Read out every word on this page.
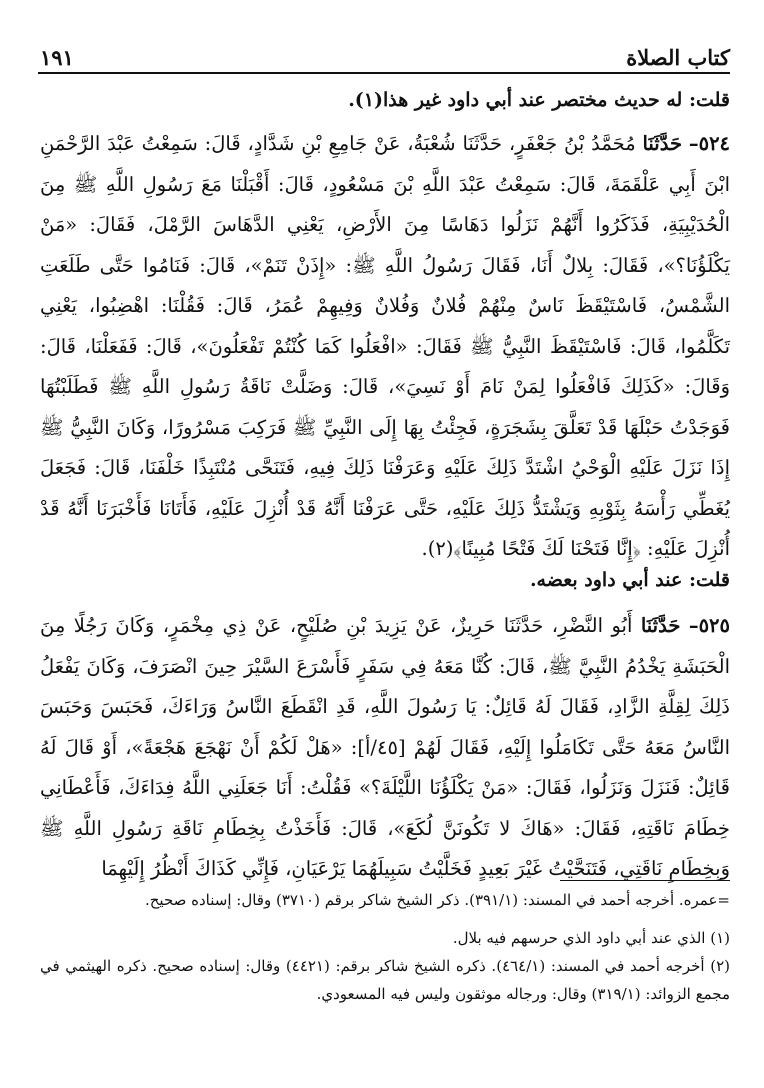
١٩١	كتاب الصلاة
قلت: له حديث مختصر عند أبي داود غير هذا(١).
٥٢٤– حَدَّثَنَا مُحَمَّدُ بْنُ جَعْفَرٍ، حَدَّثَنَا شُعْبَةُ، عَنْ جَامِعِ بْنِ شَدَّادٍ، قَالَ: سَمِعْتُ عَبْدَ الرَّحْمَنِ ابْنَ أَبِي عَلْقَمَةَ، قَالَ: سَمِعْتُ عَبْدَ اللَّهِ بْنَ مَسْعُودٍ، قَالَ: أَقْبَلْنَا مَعَ رَسُولِ اللَّهِ ﷺ مِنَ الْحُدَيْبِيَةِ، فَذَكَرُوا أَنَّهُمْ نَزَلُوا دَهَاسًا مِنَ الأَرْضِ، يَعْنِي الدَّهَاسَ الرَّمْلَ، فَقَالَ: «مَنْ يَكْلَؤُنَا؟»، فَقَالَ: بِلالٌ أَنَا، فَقَالَ رَسُولُ اللَّهِ ﷺ: «إِذَنْ تَنَمْ»، قَالَ: فَنَامُوا حَتَّى طَلَعَتِ الشَّمْسُ، فَاسْتَيْقَظَ نَاسٌ مِنْهُمْ فُلانٌ وَفُلانٌ وَفِيهِمْ عُمَرُ، قَالَ: فَقُلْنَا: اهْضِبُوا، يَعْنِي تَكَلَّمُوا، قَالَ: فَاسْتَيْقَظَ النَّبِيُّ ﷺ فَقَالَ: «افْعَلُوا كَمَا كُنْتُمْ تَفْعَلُونَ»، قَالَ: فَفَعَلْنَا، قَالَ: وَقَالَ: «كَذَلِكَ فَافْعَلُوا لِمَنْ نَامَ أَوْ نَسِيَ»، قَالَ: وَضَلَّتْ نَاقَةُ رَسُولِ اللَّهِ ﷺ فَطَلَبْتُهَا فَوَجَدْتُ حَبْلَهَا قَدْ تَعَلَّقَ بِشَجَرَةٍ، فَجِئْتُ بِهَا إِلَى النَّبِيِّ ﷺ فَرَكِبَ مَسْرُورًا، وَكَانَ النَّبِيُّ ﷺ إِذَا نَزَلَ عَلَيْهِ الْوَحْيُ اشْتَدَّ ذَلِكَ عَلَيْهِ وَعَرَفْنَا ذَلِكَ فِيهِ، فَتَنَحَّى مُنْتَبِذًا خَلْفَنَا، قَالَ: فَجَعَلَ يُغَطِّي رَأْسَهُ بِثَوْبِهِ وَيَشْتَدُّ ذَلِكَ عَلَيْهِ، حَتَّى عَرَفْنَا أَنَّهُ قَدْ أُنْزِلَ عَلَيْهِ، فَأَتَانَا فَأَخْبَرَنَا أَنَّهُ قَدْ أُنْزِلَ عَلَيْهِ: ﴿إِنَّا فَتَحْنَا لَكَ فَتْحًا مُبِينًا﴾(٢).
قلت: عند أبي داود بعضه.
٥٢٥– حَدَّثَنَا أَبُو النَّضْرِ، حَدَّثَنَا حَرِيزٌ، عَنْ يَزِيدَ بْنِ صُلَيْحٍ، عَنْ ذِي مِخْمَرٍ، وَكَانَ رَجُلًا مِنَ الْحَبَشَةِ يَخْدُمُ النَّبِيَّ ﷺ، قَالَ: كُنَّا مَعَهُ فِي سَفَرٍ فَأَسْرَعَ السَّيْرَ حِينَ انْصَرَفَ، وَكَانَ يَفْعَلُ ذَلِكَ لِقِلَّةِ الزَّادِ، فَقَالَ لَهُ قَائِلٌ: يَا رَسُولَ اللَّهِ، قَدِ انْقَطَعَ النَّاسُ وَرَاءَكَ، فَحَبَسَ وَحَبَسَ النَّاسُ مَعَهُ حَتَّى تَكَامَلُوا إِلَيْهِ، فَقَالَ لَهُمْ [٤٥/أ]: «هَلْ لَكُمْ أَنْ نَهْجَعَ هَجْعَةً»، أَوْ قَالَ لَهُ قَائِلٌ: فَنَزَلَ وَنَزَلُوا، فَقَالَ: «مَنْ يَكْلَؤُنَا اللَّيْلَةَ؟» فَقُلْتُ: أَنَا جَعَلَنِي اللَّهُ فِدَاءَكَ، فَأَعْطَانِي خِطَامَ نَاقَتِهِ، فَقَالَ: «هَاكَ لا تَكُونَنَّ لُكَعَ»، قَالَ: فَأَخَذْتُ بِخِطَامِ نَاقَةِ رَسُولِ اللَّهِ ﷺ وَبِخِطَامِ نَاقَتِي، فَتَنَحَّيْتُ غَيْرَ بَعِيدٍ فَخَلَّيْتُ سَبِيلَهُمَا يَرْعَيَانِ، فَإِنِّي كَذَاكَ أَنْظُرُ إِلَيْهِمَا

=عمره. أخرجه أحمد في المسند: (٣٩١/١). ذكر الشيخ شاكر برقم (٣٧١٠) وقال: إسناده صحيح.

(١) الذي عند أبي داود الذي حرسهم فيه بلال.

(٢) أخرجه أحمد في المسند: (٤٦٤/١). ذكره الشيخ شاكر برقم: (٤٤٢١) وقال: إسناده صحيح. ذكره الهيثمي في مجمع الزوائد: (٣١٩/١) وقال: ورجاله موثقون وليس فيه المسعودي.
